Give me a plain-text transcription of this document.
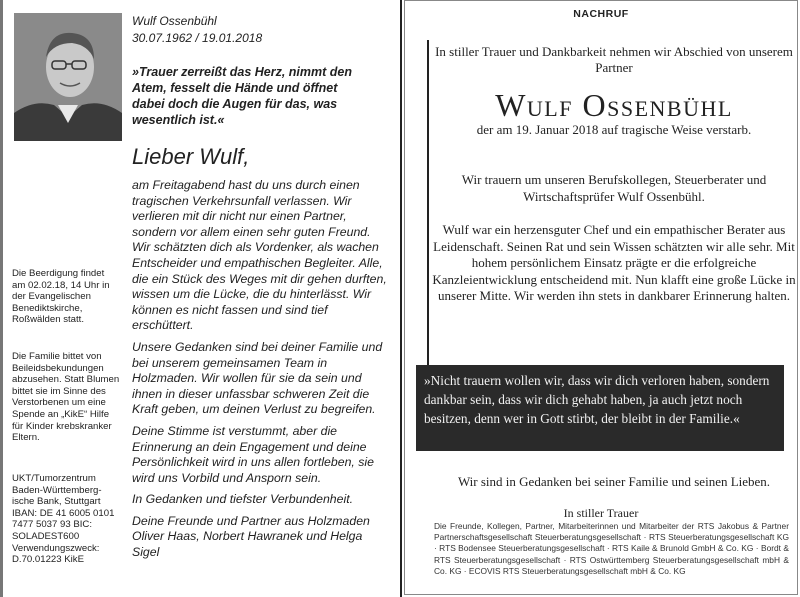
Wulf Ossenbühl
30.07.1962 / 19.01.2018
»Trauer zerreißt das Herz, nimmt den Atem, fesselt die Hände und öffnet dabei doch die Augen für das, was wesentlich ist.«
Lieber Wulf,

am Freitagabend hast du uns durch einen tragischen Verkehrsunfall verlassen. Wir verlieren mit dir nicht nur einen Partner, sondern vor allem einen sehr guten Freund. Wir schätzten dich als Vordenker, als wachen Entscheider und empathischen Begleiter. Alle, die ein Stück des Weges mit dir gehen durften, wissen um die Lücke, die du hinterlässt. Wir können es nicht fassen und sind tief erschüttert.

Unsere Gedanken sind bei deiner Familie und bei unserem gemeinsamen Team in Holzmaden. Wir wollen für sie da sein und ihnen in dieser unfassbar schweren Zeit die Kraft geben, um deinen Verlust zu begreifen.

Deine Stimme ist verstummt, aber die Erinnerung an dein Engagement und deine Persönlichkeit wird in uns allen fortleben, sie wird uns Vorbild und Ansporn sein.

In Gedanken und tiefster Verbundenheit.

Deine Freunde und Partner aus Holzmaden Oliver Haas, Norbert Hawranek und Helga Sigel

Die Beerdigung findet am 02.02.18, 14 Uhr in der Evangelischen Benediktskirche, Roßwälden statt.

Die Familie bittet von Beileidsbekundungen abzusehen. Statt Blumen bittet sie im Sinne des Verstorbenen um eine Spende an „KikE“ Hilfe für Kinder krebskranker Eltern.

UKT/Tumorzentrum Baden-Württemberg-ische Bank, Stuttgart IBAN: DE 41 6005 0101 7477 5037 93 BIC: SOLADEST600 Verwendungszweck: D.70.01223 KikE

NACHRUF
In stiller Trauer und Dankbarkeit nehmen wir Abschied von unserem Partner
Wulf Ossenbühl
der am 19. Januar 2018 auf tragische Weise verstarb.
Wir trauern um unseren Berufskollegen, Steuerberater und Wirtschaftsprüfer Wulf Ossenbühl.
Wulf war ein herzensguter Chef und ein empathischer Berater aus Leidenschaft. Seinen Rat und sein Wissen schätzten wir alle sehr. Mit hohem persönlichem Einsatz prägte er die erfolgreiche Kanzleientwicklung entscheidend mit. Nun klafft eine große Lücke in unserer Mitte. Wir werden ihn stets in dankbarer Erinnerung halten.
»Nicht trauern wollen wir, dass wir dich verloren haben, sondern dankbar sein, dass wir dich gehabt haben, ja auch jetzt noch besitzen, denn wer in Gott stirbt, der bleibt in der Familie.«
Wir sind in Gedanken bei seiner Familie und seinen Lieben.
In stiller Trauer
Die Freunde, Kollegen, Partner, Mitarbeiterinnen und Mitarbeiter der RTS Jakobus & Partner Partnerschaftsgesellschaft Steuerberatungsgesellschaft · RTS Steuerberatungsgesellschaft KG · RTS Bodensee Steuerberatungsgesellschaft · RTS Kaile & Brunold GmbH & Co. KG · Bordt & RTS Steuerberatungsgesellschaft · RTS Ostwürttemberg Steuerberatungsgesellschaft mbH & Co. KG · ECOVIS RTS Steuerberatungsgesellschaft mbH & Co. KG
